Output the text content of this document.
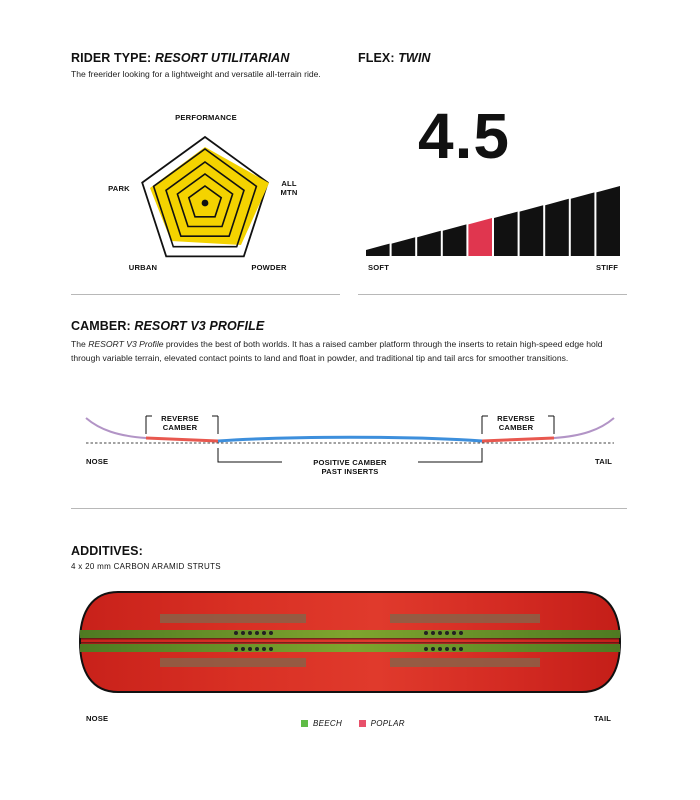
RIDER TYPE: RESORT UTILITARIAN
The freerider looking for a lightweight and versatile all-terrain ride.
PERFORMANCE
ALL
MTN
POWDER
URBAN
PARK
FLEX: TWIN
4.5
SOFT	STIFF
CAMBER: RESORT V3 PROFILE
The RESORT V3 Profile provides the best of both worlds. It has a raised camber platform through the inserts to retain high-speed edge hold through variable terrain, elevated contact points to land and float in powder, and traditional tip and tail arcs for smoother transitions.
REVERSE
CAMBER
REVERSE
CAMBER
POSITIVE CAMBER
PAST INSERTS
NOSE	TAIL
ADDITIVES:
4 x 20 mm CARBON ARAMID STRUTS
NOSE	TAIL
BEECH	POPLAR
